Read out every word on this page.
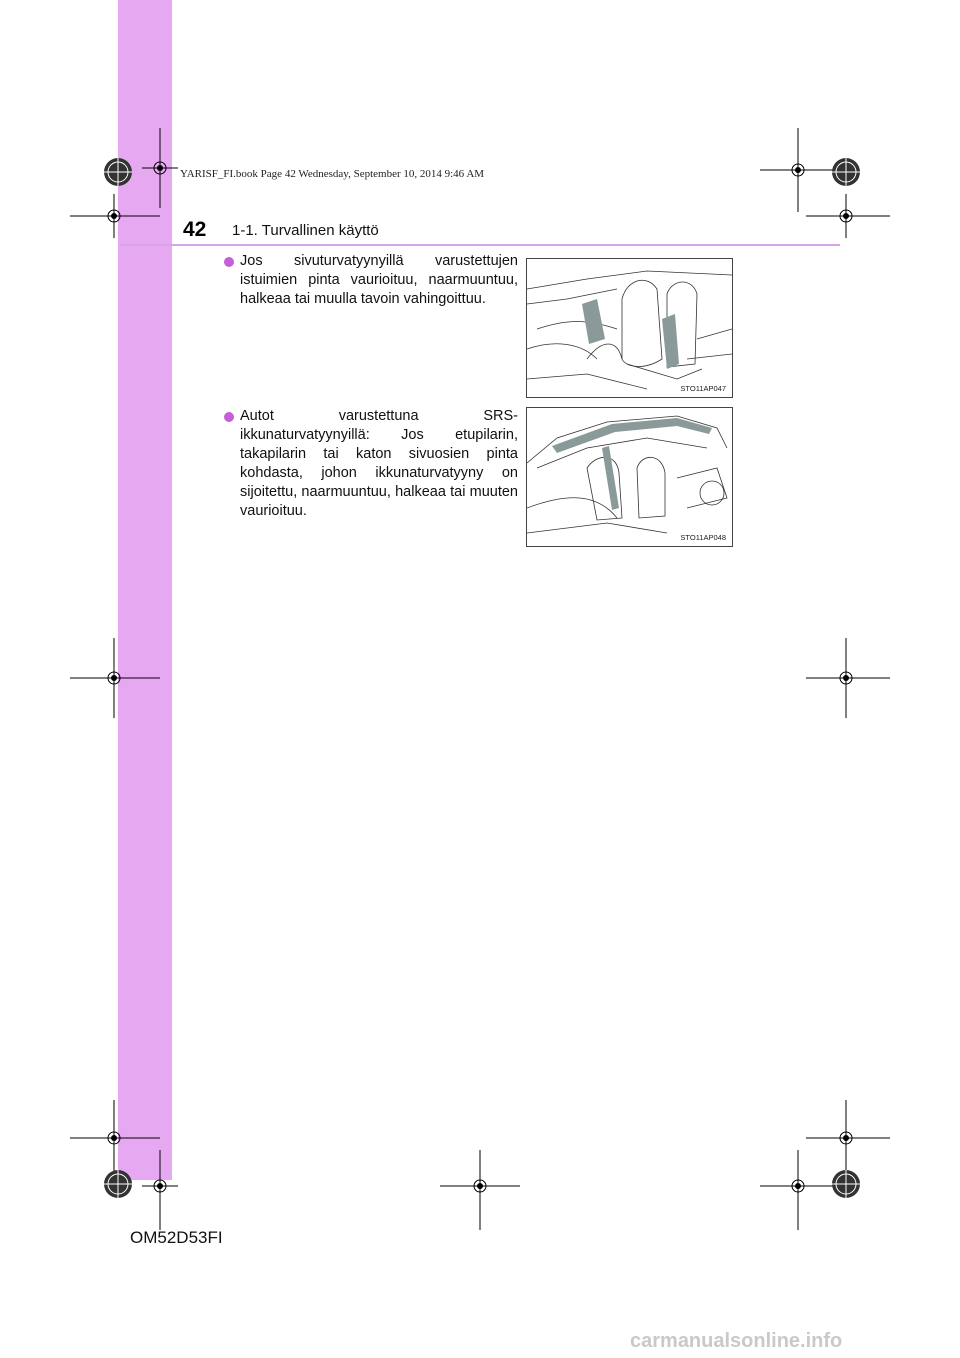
YARISF_FI.book Page 42 Wednesday, September 10, 2014 9:46 AM
42 1-1. Turvallinen käyttö
Jos sivuturvatyynyillä varustettujen istuimien pinta vaurioituu, naarmuuntuu, halkeaa tai muulla tavoin vahingoittuu.
STO11AP047
Autot varustettuna SRS-ikkunaturvatyynyillä: Jos etupilarin, takapilarin tai katon sivuosien pinta kohdasta, johon ikkunaturvatyyny on sijoitettu, naarmuuntuu, halkeaa tai muuten vaurioituu.
STO11AP048
OM52D53FI
carmanualsonline.info
